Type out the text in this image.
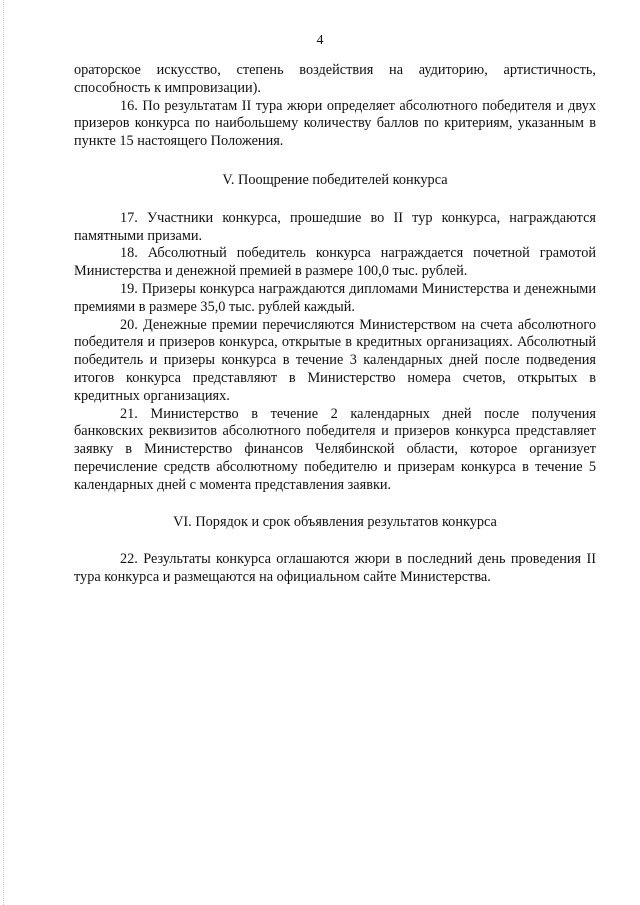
4

ораторское искусство, степень воздействия на аудиторию, артистичность, способность к импровизации).

16. По результатам II тура жюри определяет абсолютного победителя и двух призеров конкурса по наибольшему количеству баллов по критериям, указанным в пункте 15 настоящего Положения.

V. Поощрение победителей конкурса

17. Участники конкурса, прошедшие во II тур конкурса, награждаются памятными призами.

18. Абсолютный победитель конкурса награждается почетной грамотой Министерства и денежной премией в размере 100,0 тыс. рублей.

19. Призеры конкурса награждаются дипломами Министерства и денежными премиями в размере 35,0 тыс. рублей каждый.

20. Денежные премии перечисляются Министерством на счета абсолютного победителя и призеров конкурса, открытые в кредитных организациях. Абсолютный победитель и призеры конкурса в течение 3 календарных дней после подведения итогов конкурса представляют в Министерство номера счетов, открытых в кредитных организациях.

21. Министерство в течение 2 календарных дней после получения банковских реквизитов абсолютного победителя и призеров конкурса представляет заявку в Министерство финансов Челябинской области, которое организует перечисление средств абсолютному победителю и призерам конкурса в течение 5 календарных дней с момента представления заявки.

VI. Порядок и срок объявления результатов конкурса

22. Результаты конкурса оглашаются жюри в последний день проведения II тура конкурса и размещаются на официальном сайте Министерства.
